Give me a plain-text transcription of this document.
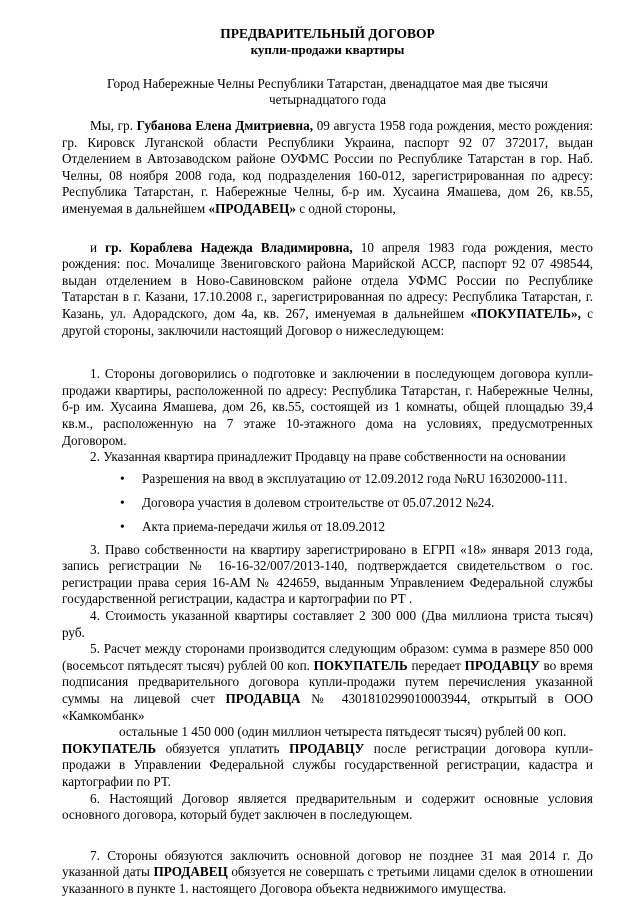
ПРЕДВАРИТЕЛЬНЫЙ ДОГОВОР
купли-продажи квартиры
Город Набережные Челны Республики Татарстан, двенадцатое мая две тысячи четырнадцатого года

Мы, гр. Губанова Елена Дмитриевна, 09 августа 1958 года рождения, место рождения: гр. Кировск Луганской области Республики Украина, паспорт 92 07 372017, выдан Отделением в Автозаводском районе ОУФМС России по Республике Татарстан в гор. Наб. Челны, 08 ноября 2008 года, код подразделения 160-012, зарегистрированная по адресу: Республика Татарстан, г. Набережные Челны, б-р им. Хусаина Ямашева, дом 26, кв.55, именуемая в дальнейшем «ПРОДАВЕЦ» с одной стороны,

и гр. Кораблева Надежда Владимировна, 10 апреля 1983 года рождения, место рождения: пос. Мочалище Звениговского района Марийской АССР, паспорт 92 07 498544, выдан отделением в Ново-Савиновском районе отдела УФМС России по Республике Татарстан в г. Казани, 17.10.2008 г., зарегистрированная по адресу: Республика Татарстан, г. Казань, ул. Адорадского, дом 4а, кв. 267, именуемая в дальнейшем «ПОКУПАТЕЛЬ», с другой стороны, заключили настоящий Договор о нижеследующем:

1. Стороны договорились о подготовке и заключении в последующем договора купли-продажи квартиры, расположенной по адресу: Республика Татарстан, г. Набережные Челны, б-р им. Хусаина Ямашева, дом 26, кв.55, состоящей из 1 комнаты, общей площадью 39,4 кв.м., расположенную на 7 этаже 10-этажного дома на условиях, предусмотренных Договором.

2. Указанная квартира принадлежит Продавцу на праве собственности на основании

• Разрешения на ввод в эксплуатацию от 12.09.2012 года №RU 16302000-111.
• Договора участия в долевом строительстве от 05.07.2012 №24.
• Акта приема-передачи жилья от 18.09.2012

3. Право собственности на квартиру зарегистрировано в ЕГРП «18» января 2013 года, запись регистрации № 16-16-32/007/2013-140, подтверждается свидетельством о гос. регистрации права серия 16-АМ № 424659, выданным Управлением Федеральной службы государственной регистрации, кадастра и картографии по РТ .

4. Стоимость указанной квартиры составляет 2 300 000 (Два миллиона триста тысяч) руб.

5. Расчет между сторонами производится следующим образом: сумма в размере 850 000 (восемьсот пятьдесят тысяч) рублей 00 коп. ПОКУПАТЕЛЬ передает ПРОДАВЦУ во время подписания предварительного договора купли-продажи путем перечисления указанной суммы на лицевой счет ПРОДАВЦА № 4301810299010003944, открытый в ООО «Камкомбанк»

остальные 1 450 000 (один миллион четыреста пятьдесят тысяч) рублей 00 коп.

ПОКУПАТЕЛЬ обязуется уплатить ПРОДАВЦУ после регистрации договора купли-продажи в Управлении Федеральной службы государственной регистрации, кадастра и картографии по РТ.

6. Настоящий Договор является предварительным и содержит основные условия основного договора, который будет заключен в последующем.

7. Стороны обязуются заключить основной договор не позднее 31 мая 2014 г. До указанной даты ПРОДАВЕЦ обязуется не совершать с третьими лицами сделок в отношении указанного в пункте 1. настоящего Договора объекта недвижимого имущества.
